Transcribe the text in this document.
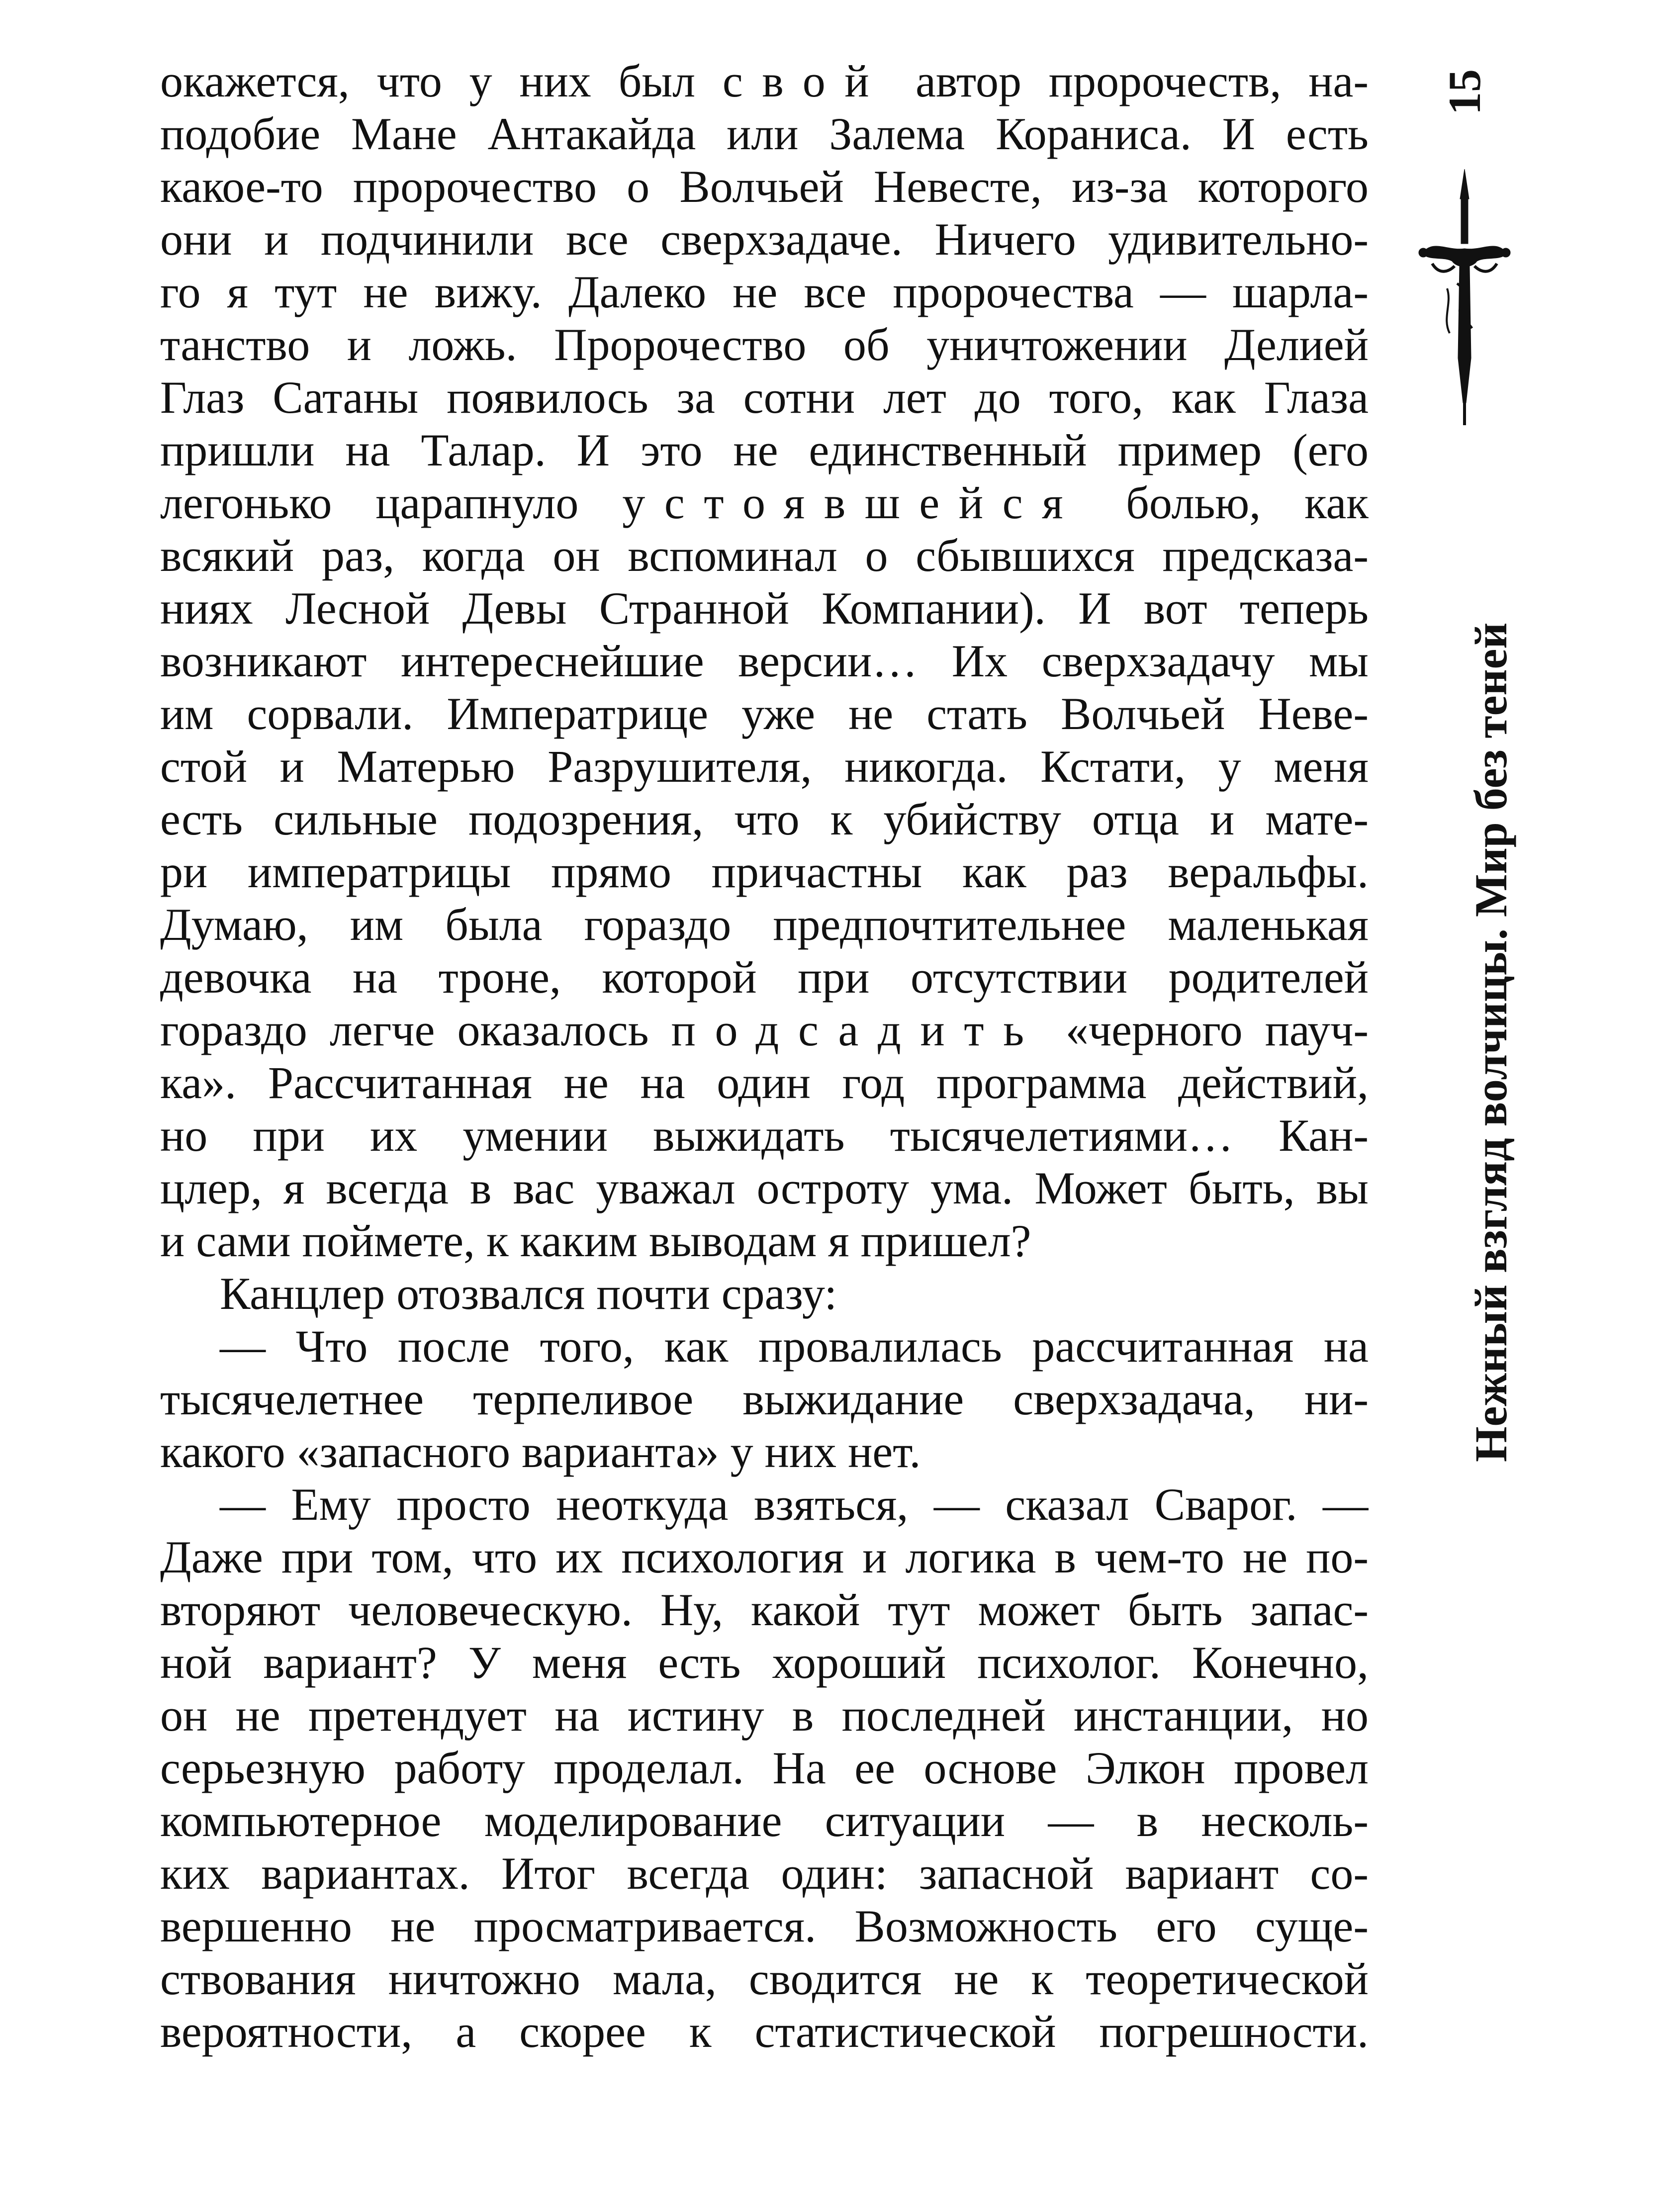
окажется, что у них был свой автор пророчеств, на-
подобие Мане Антакайда или Залема Кораниса. И есть
какое-то пророчество о Волчьей Невесте, из-за которого
они и подчинили все сверхзадаче. Ничего удивительно-
го я тут не вижу. Далеко не все пророчества — шарла-
танство и ложь. Пророчество об уничтожении Делией
Глаз Сатаны появилось за сотни лет до того, как Глаза
пришли на Талар. И это не единственный пример (его
легонько царапнуло устоявшейся болью, как
всякий раз, когда он вспоминал о сбывшихся предсказа-
ниях Лесной Девы Странной Компании). И вот теперь
возникают интереснейшие версии… Их сверхзадачу мы
им сорвали. Императрице уже не стать Волчьей Неве-
стой и Матерью Разрушителя, никогда. Кстати, у меня
есть сильные подозрения, что к убийству отца и мате-
ри императрицы прямо причастны как раз веральфы.
Думаю, им была гораздо предпочтительнее маленькая
девочка на троне, которой при отсутствии родителей
гораздо легче оказалось подсадить «черного пауч-
ка». Рассчитанная не на один год программа действий,
но при их умении выжидать тысячелетиями… Кан-
цлер, я всегда в вас уважал остроту ума. Может быть, вы
и сами поймете, к каким выводам я пришел?
Канцлер отозвался почти сразу:
— Что после того, как провалилась рассчитанная на
тысячелетнее терпеливое выжидание сверхзадача, ни-
какого «запасного варианта» у них нет.
— Ему просто неоткуда взяться, — сказал Сварог. —
Даже при том, что их психология и логика в чем-то не по-
вторяют человеческую. Ну, какой тут может быть запас-
ной вариант? У меня есть хороший психолог. Конечно,
он не претендует на истину в последней инстанции, но
серьезную работу проделал. На ее основе Элкон провел
компьютерное моделирование ситуации — в несколь-
ких вариантах. Итог всегда один: запасной вариант со-
вершенно не просматривается. Возможность его суще-
ствования ничтожно мала, сводится не к теоретической
вероятности, а скорее к статистической погрешности.
15
Нежный взгляд волчицы. Мир без теней
